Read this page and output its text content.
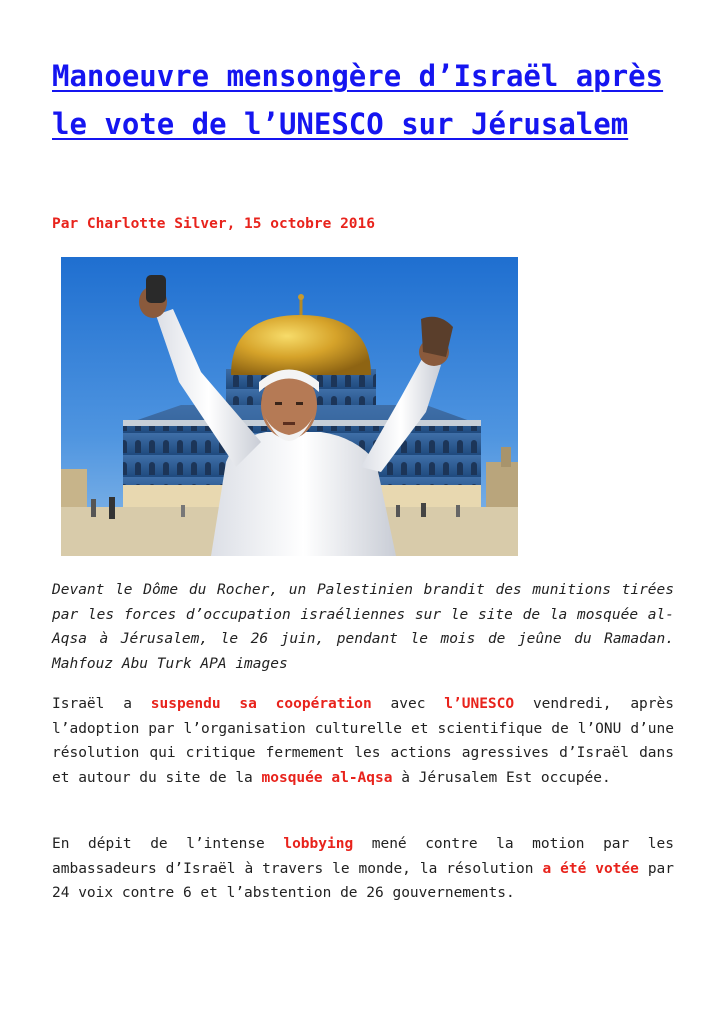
Manoeuvre mensongère d’Israël après le vote de l’UNESCO sur Jérusalem

Par Charlotte Silver, 15 octobre 2016

Devant le Dôme du Rocher, un Palestinien brandit des munitions tirées par les forces d’occupation israéliennes sur le site de la mosquée al-Aqsa à Jérusalem, le 26 juin, pendant le mois de jeûne du Ramadan. Mahfouz Abu Turk APA images

Israël a suspendu sa coopération avec l’UNESCO vendredi, après l’adoption par l’organisation culturelle et scientifique de l’ONU d’une résolution qui critique fermement les actions agressives d’Israël dans et autour du site de la mosquée al-Aqsa à Jérusalem Est occupée.

En dépit de l’intense lobbying mené contre la motion par les ambassadeurs d’Israël à travers le monde, la résolution a été votée par 24 voix contre 6 et l’abstention de 26 gouvernements.
